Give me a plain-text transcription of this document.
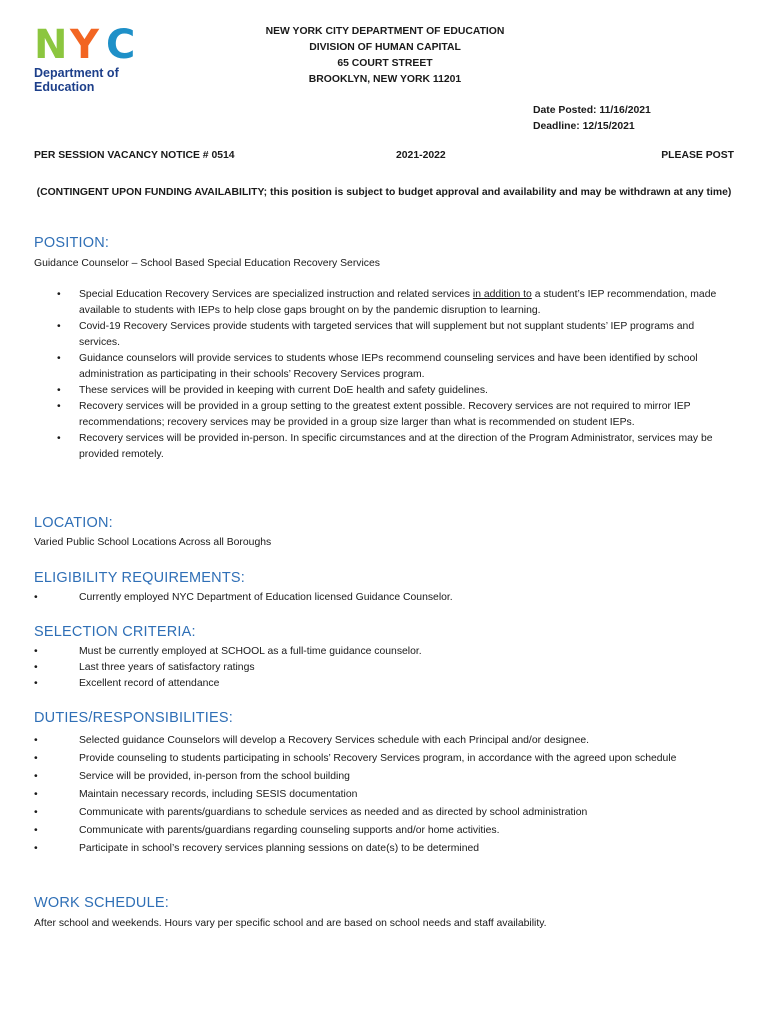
N Y C
Department of
Education
NEW YORK CITY DEPARTMENT OF EDUCATION
DIVISION OF HUMAN CAPITAL
65 COURT STREET
BROOKLYN, NEW YORK 11201
Date Posted: 11/16/2021
Deadline: 12/15/2021
PER SESSION VACANCY NOTICE # 0514	2021-2022	PLEASE POST
(CONTINGENT UPON FUNDING AVAILABILITY; this position is subject to budget approval and availability and may be withdrawn at any time)
POSITION:
Guidance Counselor – School Based Special Education Recovery Services
• Special Education Recovery Services are specialized instruction and related services in addition to a student’s IEP recommendation, made available to students with IEPs to help close gaps brought on by the pandemic disruption to learning.
• Covid-19 Recovery Services provide students with targeted services that will supplement but not supplant students’ IEP programs and services.
• Guidance counselors will provide services to students whose IEPs recommend counseling services and have been identified by school administration as participating in their schools’ Recovery Services program.
• These services will be provided in keeping with current DoE health and safety guidelines.
• Recovery services will be provided in a group setting to the greatest extent possible. Recovery services are not required to mirror IEP recommendations; recovery services may be provided in a group size larger than what is recommended on student IEPs.
• Recovery services will be provided in-person. In specific circumstances and at the direction of the Program Administrator, services may be provided remotely.
LOCATION:
Varied Public School Locations Across all Boroughs
ELIGIBILITY REQUIREMENTS:
• Currently employed NYC Department of Education licensed Guidance Counselor.
SELECTION CRITERIA:
• Must be currently employed at SCHOOL as a full-time guidance counselor.
• Last three years of satisfactory ratings
• Excellent record of attendance
DUTIES/RESPONSIBILITIES:
• Selected guidance Counselors will develop a Recovery Services schedule with each Principal and/or designee.
• Provide counseling to students participating in schools’ Recovery Services program, in accordance with the agreed upon schedule
• Service will be provided, in-person from the school building
• Maintain necessary records, including SESIS documentation
• Communicate with parents/guardians to schedule services as needed and as directed by school administration
• Communicate with parents/guardians regarding counseling supports and/or home activities.
• Participate in school’s recovery services planning sessions on date(s) to be determined
WORK SCHEDULE:
After school and weekends. Hours vary per specific school and are based on school needs and staff availability.
